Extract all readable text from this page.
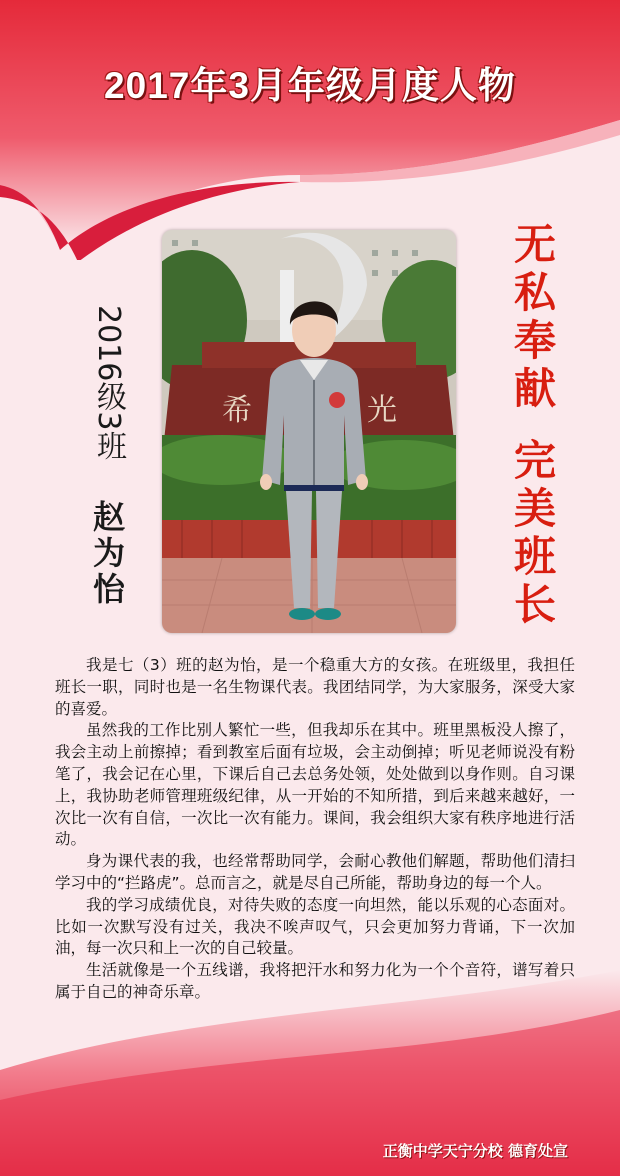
2017年3月年级月度人物
2016级3班
赵为怡
希	光	无私奉献
完美班长

我是七（3）班的赵为怡，是一个稳重大方的女孩。在班级里，我担任班长一职，同时也是一名生物课代表。我团结同学，为大家服务，深受大家的喜爱。

虽然我的工作比别人繁忙一些，但我却乐在其中。班里黑板没人擦了，我会主动上前擦掉；看到教室后面有垃圾，会主动倒掉；听见老师说没有粉笔了，我会记在心里，下课后自己去总务处领，处处做到以身作则。自习课上，我协助老师管理班级纪律，从一开始的不知所措，到后来越来越好，一次比一次有自信，一次比一次有能力。课间，我会组织大家有秩序地进行活动。

身为课代表的我，也经常帮助同学，会耐心教他们解题，帮助他们清扫学习中的“拦路虎”。总而言之，就是尽自己所能，帮助身边的每一个人。

我的学习成绩优良，对待失败的态度一向坦然，能以乐观的心态面对。比如一次默写没有过关，我决不唉声叹气，只会更加努力背诵，下一次加油，每一次只和上一次的自己较量。

生活就像是一个五线谱，我将把汗水和努力化为一个个音符，谱写着只属于自己的神奇乐章。

正衡中学天宁分校 德育处宣
